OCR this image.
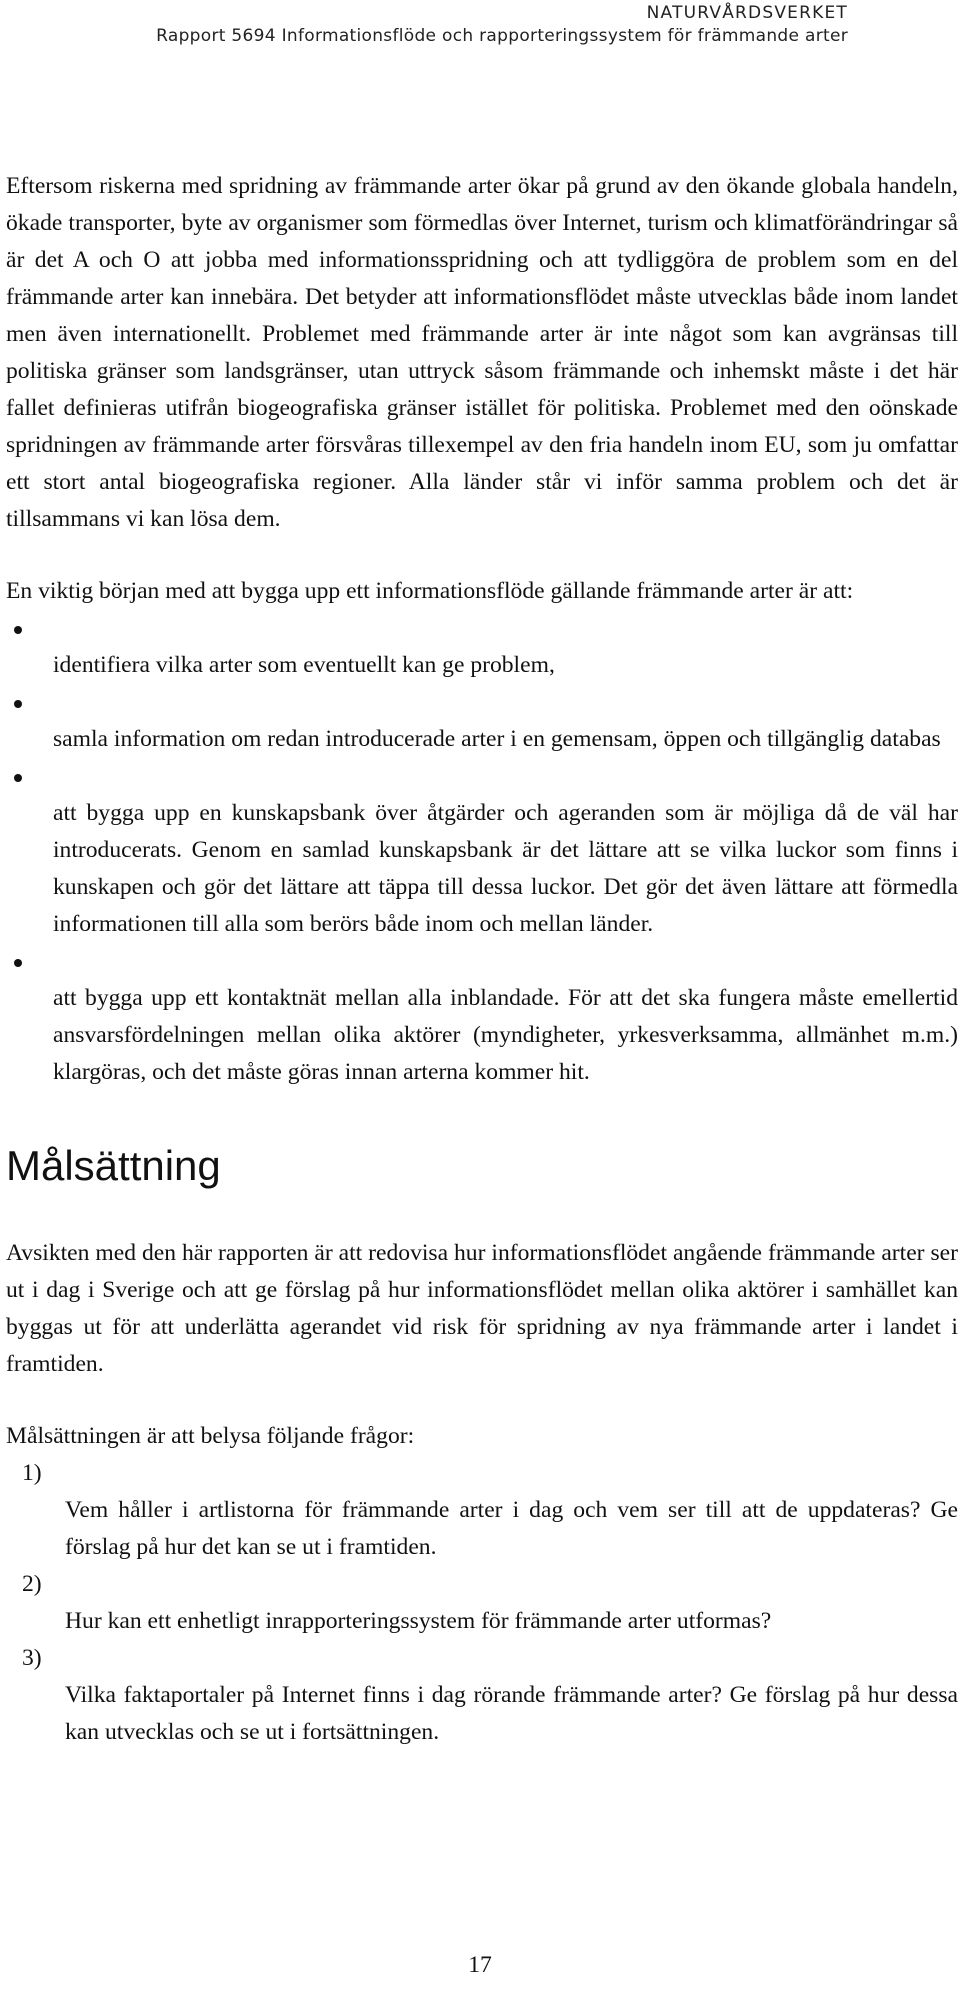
NATURVÅRDSVERKET
Rapport 5694 Informationsflöde och rapporteringssystem för främmande arter

Eftersom riskerna med spridning av främmande arter ökar på grund av den ökande globala handeln, ökade transporter, byte av organismer som förmedlas över Internet, turism och klimatförändringar så är det A och O att jobba med informationsspridning och att tydliggöra de problem som en del främmande arter kan innebära. Det betyder att informationsflödet måste utvecklas både inom landet men även internationellt. Problemet med främmande arter är inte något som kan avgränsas till politiska gränser som landsgränser, utan uttryck såsom främmande och inhemskt måste i det här fallet definieras utifrån biogeografiska gränser istället för politiska. Problemet med den oönskade spridningen av främmande arter försvåras tillexempel av den fria handeln inom EU, som ju omfattar ett stort antal biogeografiska regioner. Alla länder står vi inför samma problem och det är tillsammans vi kan lösa dem.

En viktig början med att bygga upp ett informationsflöde gällande främmande arter är att:

identifiera vilka arter som eventuellt kan ge problem,

samla information om redan introducerade arter i en gemensam, öppen och tillgänglig databas

att bygga upp en kunskapsbank över åtgärder och ageranden som är möjliga då de väl har introducerats. Genom en samlad kunskapsbank är det lättare att se vilka luckor som finns i kunskapen och gör det lättare att täppa till dessa luckor. Det gör det även lättare att förmedla informationen till alla som berörs både inom och mellan länder.

att bygga upp ett kontaktnät mellan alla inblandade. För att det ska fungera måste emellertid ansvarsfördelningen mellan olika aktörer (myndigheter, yrkesverksamma, allmänhet m.m.) klargöras, och det måste göras innan arterna kommer hit.

Målsättning

Avsikten med den här rapporten är att redovisa hur informationsflödet angående främmande arter ser ut i dag i Sverige och att ge förslag på hur informationsflödet mellan olika aktörer i samhället kan byggas ut för att underlätta agerandet vid risk för spridning av nya främmande arter i landet i framtiden.

Målsättningen är att belysa följande frågor:

1)
Vem håller i artlistorna för främmande arter i dag och vem ser till att de uppdateras? Ge förslag på hur det kan se ut i framtiden.

2)
Hur kan ett enhetligt inrapporteringssystem för främmande arter utformas?

3)
Vilka faktaportaler på Internet finns i dag rörande främmande arter? Ge förslag på hur dessa kan utvecklas och se ut i fortsättningen.

17
